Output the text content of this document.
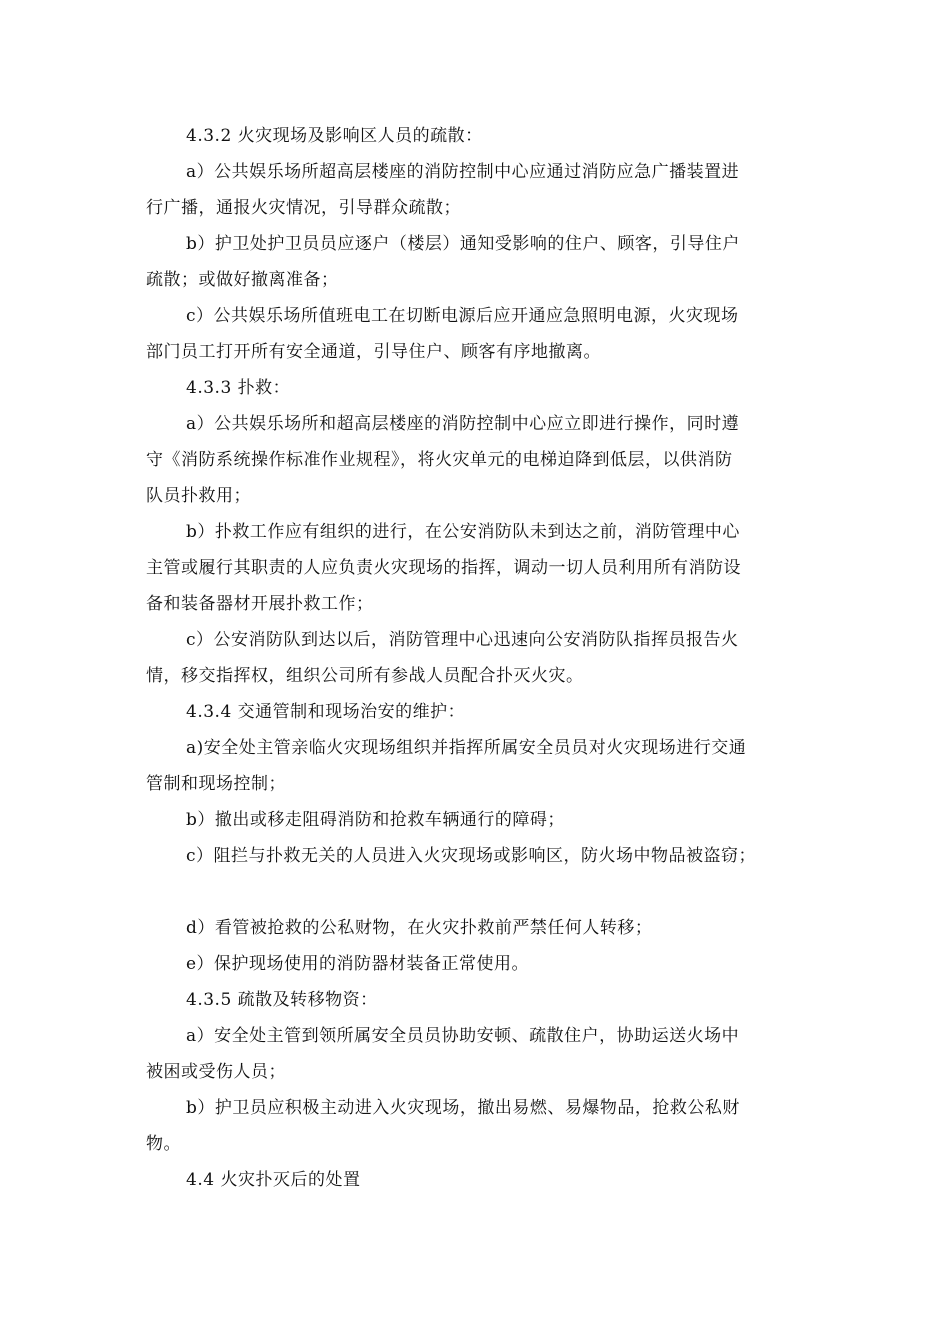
4.3.2 火灾现场及影响区人员的疏散：
a）公共娱乐场所超高层楼座的消防控制中心应通过消防应急广播装置进
行广播，通报火灾情况，引导群众疏散；
b）护卫处护卫员员应逐户（楼层）通知受影响的住户、顾客，引导住户
疏散；或做好撤离准备；
c）公共娱乐场所值班电工在切断电源后应开通应急照明电源，火灾现场
部门员工打开所有安全通道，引导住户、顾客有序地撤离。
4.3.3 扑救：
a）公共娱乐场所和超高层楼座的消防控制中心应立即进行操作，同时遵
守《消防系统操作标准作业规程》，将火灾单元的电梯迫降到低层，以供消防
队员扑救用；
b）扑救工作应有组织的进行，在公安消防队未到达之前，消防管理中心
主管或履行其职责的人应负责火灾现场的指挥，调动一切人员利用所有消防设
备和装备器材开展扑救工作；
c）公安消防队到达以后，消防管理中心迅速向公安消防队指挥员报告火
情，移交指挥权，组织公司所有参战人员配合扑灭火灾。
4.3.4 交通管制和现场治安的维护：
a)安全处主管亲临火灾现场组织并指挥所属安全员员对火灾现场进行交通
管制和现场控制；
b）撤出或移走阻碍消防和抢救车辆通行的障碍；
c）阻拦与扑救无关的人员进入火灾现场或影响区，防火场中物品被盗窃；
d）看管被抢救的公私财物，在火灾扑救前严禁任何人转移；
e）保护现场使用的消防器材装备正常使用。
4.3.5 疏散及转移物资：
a）安全处主管到领所属安全员员协助安顿、疏散住户，协助运送火场中
被困或受伤人员；
b）护卫员应积极主动进入火灾现场，撤出易燃、易爆物品，抢救公私财
物。
4.4 火灾扑灭后的处置
